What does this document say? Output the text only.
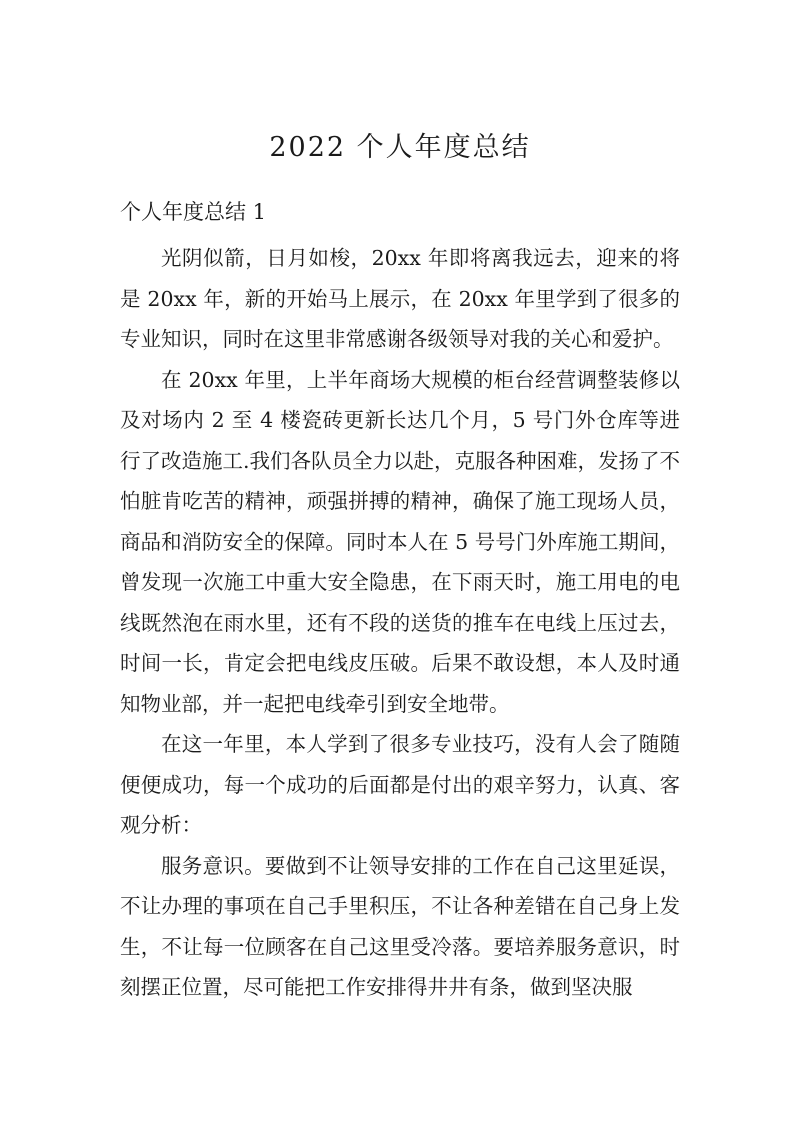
2022 个人年度总结
个人年度总结 1

光阴似箭，日月如梭，20xx 年即将离我远去，迎来的将是 20xx 年，新的开始马上展示，在 20xx 年里学到了很多的专业知识，同时在这里非常感谢各级领导对我的关心和爱护。

在 20xx 年里，上半年商场大规模的柜台经营调整装修以及对场内 2 至 4 楼瓷砖更新长达几个月，5 号门外仓库等进行了改造施工.我们各队员全力以赴，克服各种困难，发扬了不怕脏肯吃苦的精神，顽强拼搏的精神，确保了施工现场人员，商品和消防安全的保障。同时本人在 5 号号门外库施工期间，曾发现一次施工中重大安全隐患，在下雨天时，施工用电的电线既然泡在雨水里，还有不段的送货的推车在电线上压过去，时间一长，肯定会把电线皮压破。后果不敢设想，本人及时通知物业部，并一起把电线牵引到安全地带。

在这一年里，本人学到了很多专业技巧，没有人会了随随便便成功，每一个成功的后面都是付出的艰辛努力，认真、客观分析：

服务意识。要做到不让领导安排的工作在自己这里延误，不让办理的事项在自己手里积压，不让各种差错在自己身上发生，不让每一位顾客在自己这里受冷落。要培养服务意识，时刻摆正位置，尽可能把工作安排得井井有条，做到坚决服
